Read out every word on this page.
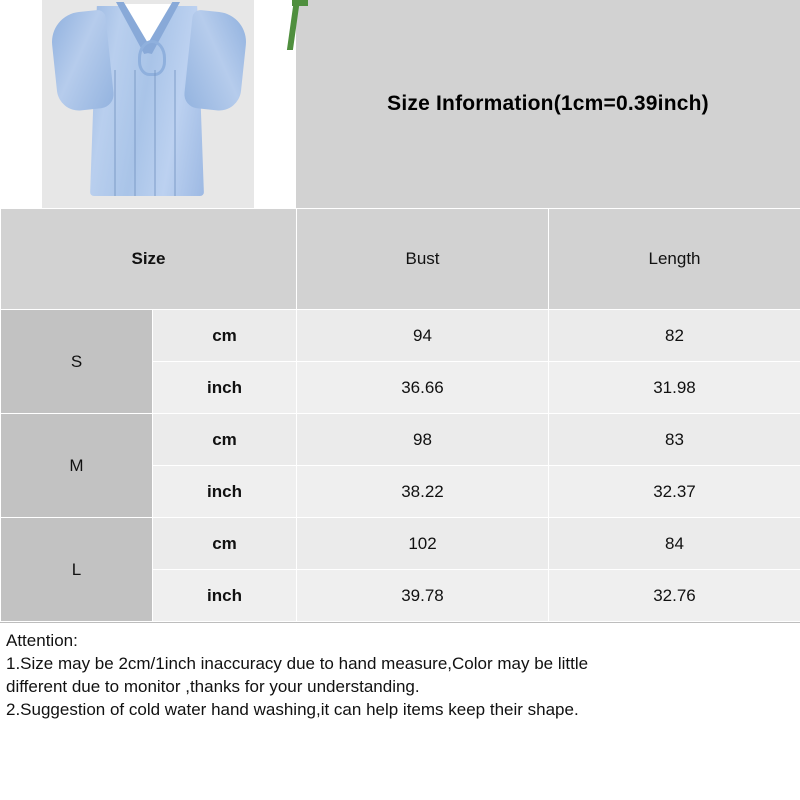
Size Information(1cm=0.39inch)
Size		Bust	Length
S	cm	94	82
	inch	36.66	31.98
M	cm	98	83
	inch	38.22	32.37
L	cm	102	84
	inch	39.78	32.76
Attention:
1.Size may be 2cm/1inch inaccuracy due to hand measure,Color may be little
different due to monitor ,thanks for your understanding.
2.Suggestion of cold water hand washing,it can help items keep their shape.
